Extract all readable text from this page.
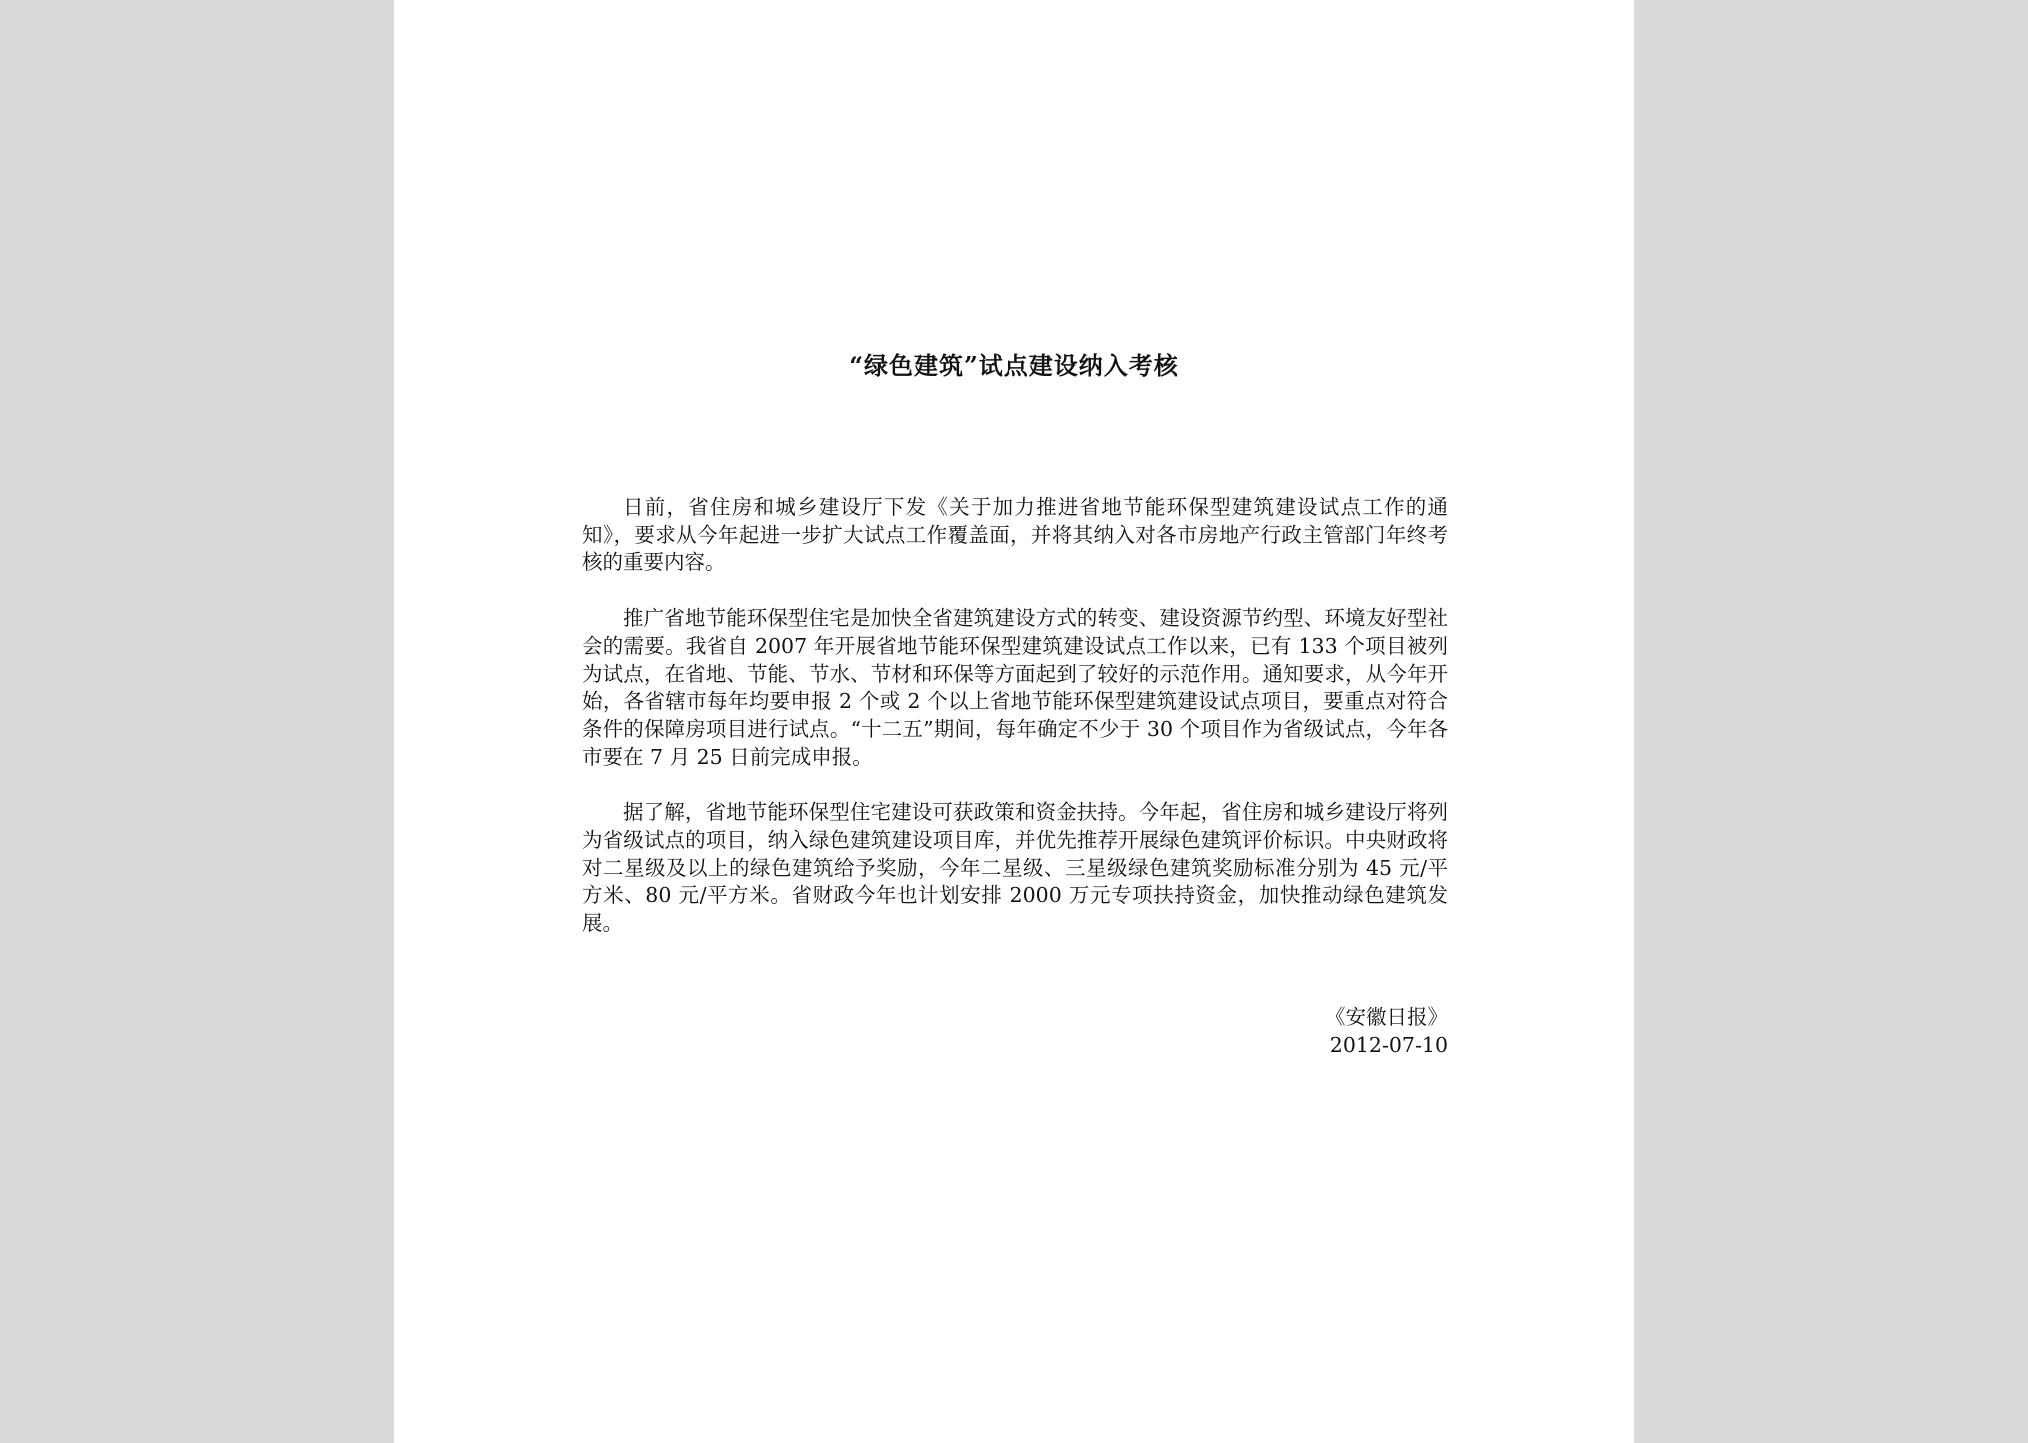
“绿色建筑”试点建设纳入考核

日前，省住房和城乡建设厅下发《关于加力推进省地节能环保型建筑建设试点工作的通知》，要求从今年起进一步扩大试点工作覆盖面，并将其纳入对各市房地产行政主管部门年终考核的重要内容。

推广省地节能环保型住宅是加快全省建筑建设方式的转变、建设资源节约型、环境友好型社会的需要。我省自 2007 年开展省地节能环保型建筑建设试点工作以来，已有 133 个项目被列为试点，在省地、节能、节水、节材和环保等方面起到了较好的示范作用。通知要求，从今年开始，各省辖市每年均要申报 2 个或 2 个以上省地节能环保型建筑建设试点项目，要重点对符合条件的保障房项目进行试点。“十二五”期间，每年确定不少于 30 个项目作为省级试点，今年各市要在 7 月 25 日前完成申报。

据了解，省地节能环保型住宅建设可获政策和资金扶持。今年起，省住房和城乡建设厅将列为省级试点的项目，纳入绿色建筑建设项目库，并优先推荐开展绿色建筑评价标识。中央财政将对二星级及以上的绿色建筑给予奖励，今年二星级、三星级绿色建筑奖励标准分别为 45 元/平方米、80 元/平方米。省财政今年也计划安排 2000 万元专项扶持资金，加快推动绿色建筑发展。

《安徽日报》
2012-07-10
